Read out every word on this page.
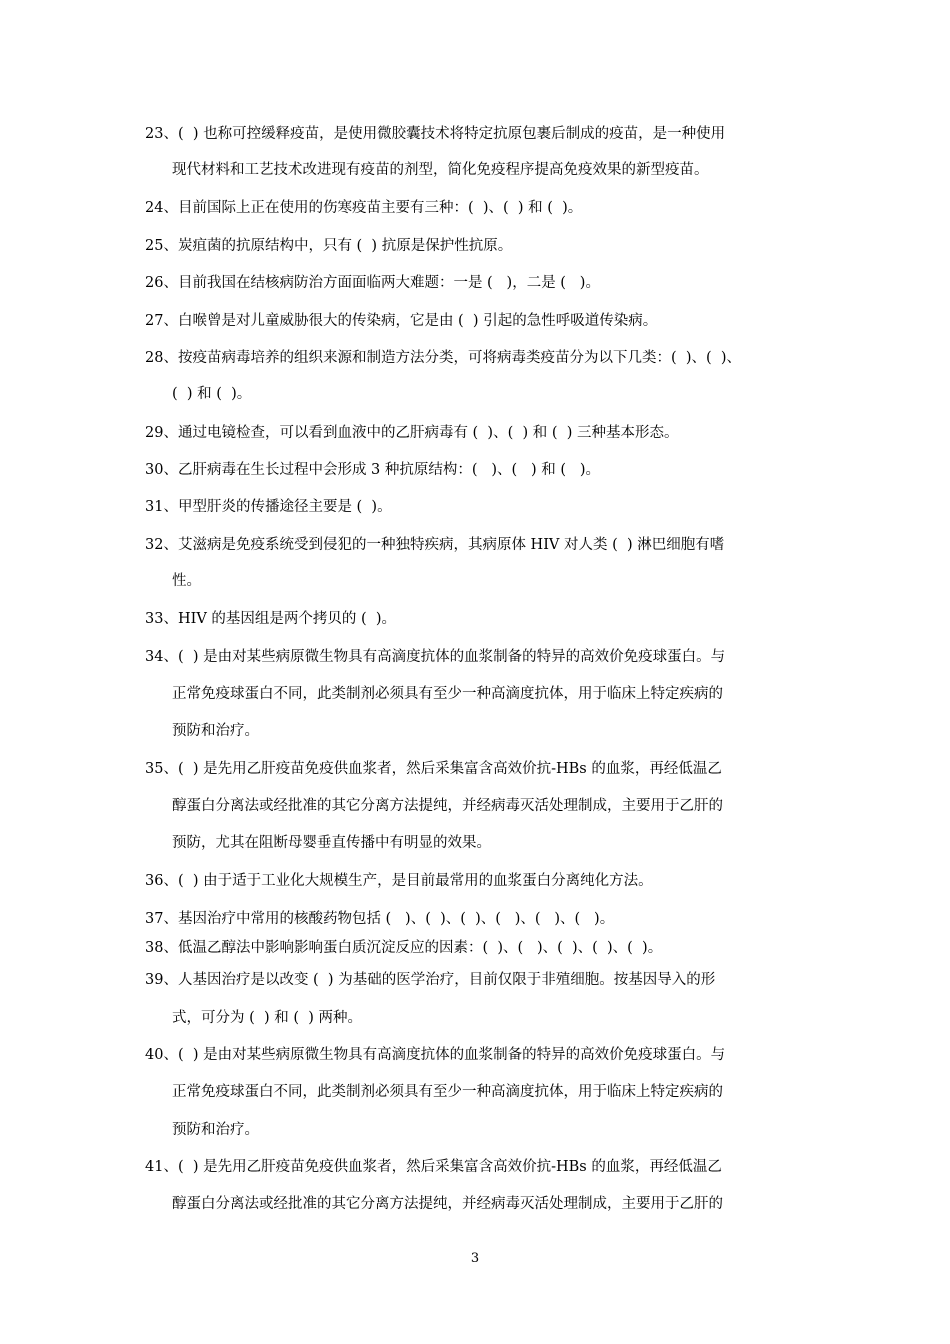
23、(  ) 也称可控缓释疫苗，是使用微胶囊技术将特定抗原包裹后制成的疫苗，是一种使用
现代材料和工艺技术改进现有疫苗的剂型，简化免疫程序提高免疫效果的新型疫苗。
24、目前国际上正在使用的伤寒疫苗主要有三种：(  )、(  ) 和 (  )。
25、炭疽菌的抗原结构中，只有 (  ) 抗原是保护性抗原。
26、目前我国在结核病防治方面面临两大难题：一是 (   )，二是 (   )。
27、白喉曾是对儿童威胁很大的传染病，它是由 (  ) 引起的急性呼吸道传染病。
28、按疫苗病毒培养的组织来源和制造方法分类，可将病毒类疫苗分为以下几类：(  )、(  )、
(  ) 和 (  )。
29、通过电镜检查，可以看到血液中的乙肝病毒有 (  )、(  ) 和 (  ) 三种基本形态。
30、乙肝病毒在生长过程中会形成 3 种抗原结构：(   )、(   ) 和 (   )。
31、甲型肝炎的传播途径主要是 (  )。
32、艾滋病是免疫系统受到侵犯的一种独特疾病，其病原体 HIV 对人类 (  ) 淋巴细胞有嗜
性。
33、HIV 的基因组是两个拷贝的 (  )。
34、(  ) 是由对某些病原微生物具有高滴度抗体的血浆制备的特异的高效价免疫球蛋白。与
正常免疫球蛋白不同，此类制剂必须具有至少一种高滴度抗体，用于临床上特定疾病的
预防和治疗。
35、(  ) 是先用乙肝疫苗免疫供血浆者，然后采集富含高效价抗-HBs 的血浆，再经低温乙
醇蛋白分离法或经批准的其它分离方法提纯，并经病毒灭活处理制成，主要用于乙肝的
预防，尤其在阻断母婴垂直传播中有明显的效果。
36、(  ) 由于适于工业化大规模生产，是目前最常用的血浆蛋白分离纯化方法。
37、基因治疗中常用的核酸药物包括 (   )、(  )、(  )、(   )、(   )、(   )。
38、低温乙醇法中影响影响蛋白质沉淀反应的因素：(  )、(   )、(  )、(  )、(  )。
39、人基因治疗是以改变 (  ) 为基础的医学治疗，目前仅限于非殖细胞。按基因导入的形
式，可分为 (  ) 和 (  ) 两种。
40、(  ) 是由对某些病原微生物具有高滴度抗体的血浆制备的特异的高效价免疫球蛋白。与
正常免疫球蛋白不同，此类制剂必须具有至少一种高滴度抗体，用于临床上特定疾病的
预防和治疗。
41、(  ) 是先用乙肝疫苗免疫供血浆者，然后采集富含高效价抗-HBs 的血浆，再经低温乙
醇蛋白分离法或经批准的其它分离方法提纯，并经病毒灭活处理制成，主要用于乙肝的
3
